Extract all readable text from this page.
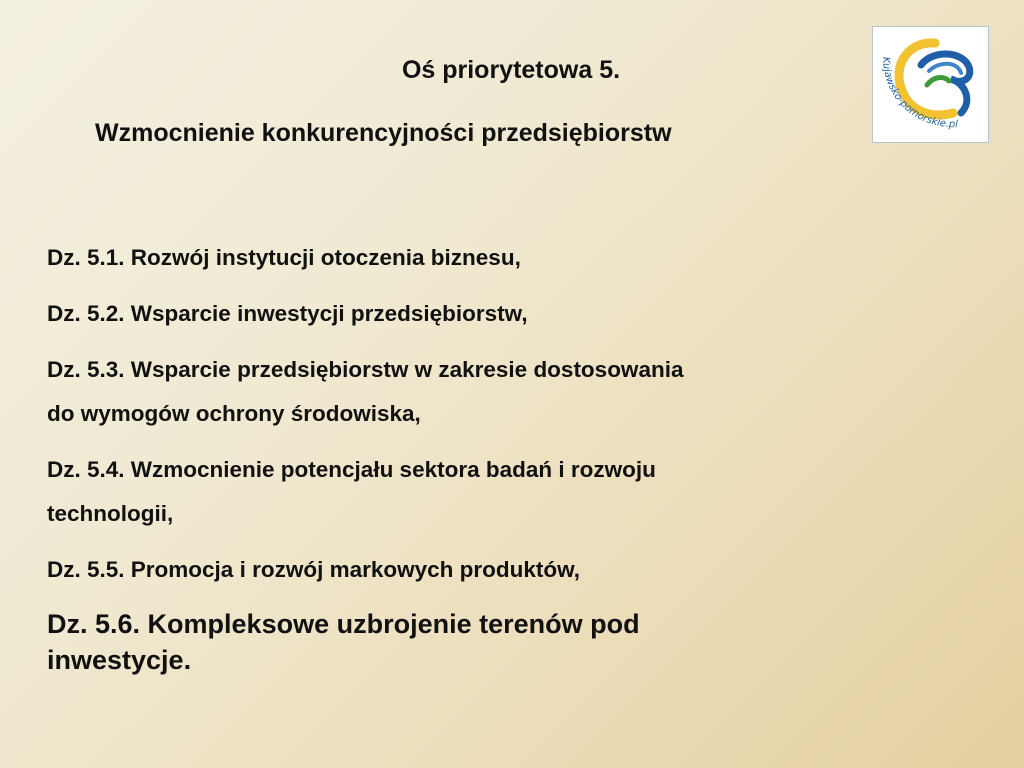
Oś priorytetowa 5.
Wzmocnienie konkurencyjności przedsiębiorstw
Kujawsko-pomorskie.pl

Dz. 5.1. Rozwój instytucji otoczenia biznesu,

Dz. 5.2. Wsparcie inwestycji przedsiębiorstw,

Dz. 5.3. Wsparcie przedsiębiorstw w zakresie dostosowania

do wymogów ochrony środowiska,

Dz. 5.4. Wzmocnienie potencjału sektora badań i rozwoju

technologii,

Dz. 5.5. Promocja i rozwój markowych produktów,

Dz. 5.6. Kompleksowe uzbrojenie terenów pod
inwestycje.
